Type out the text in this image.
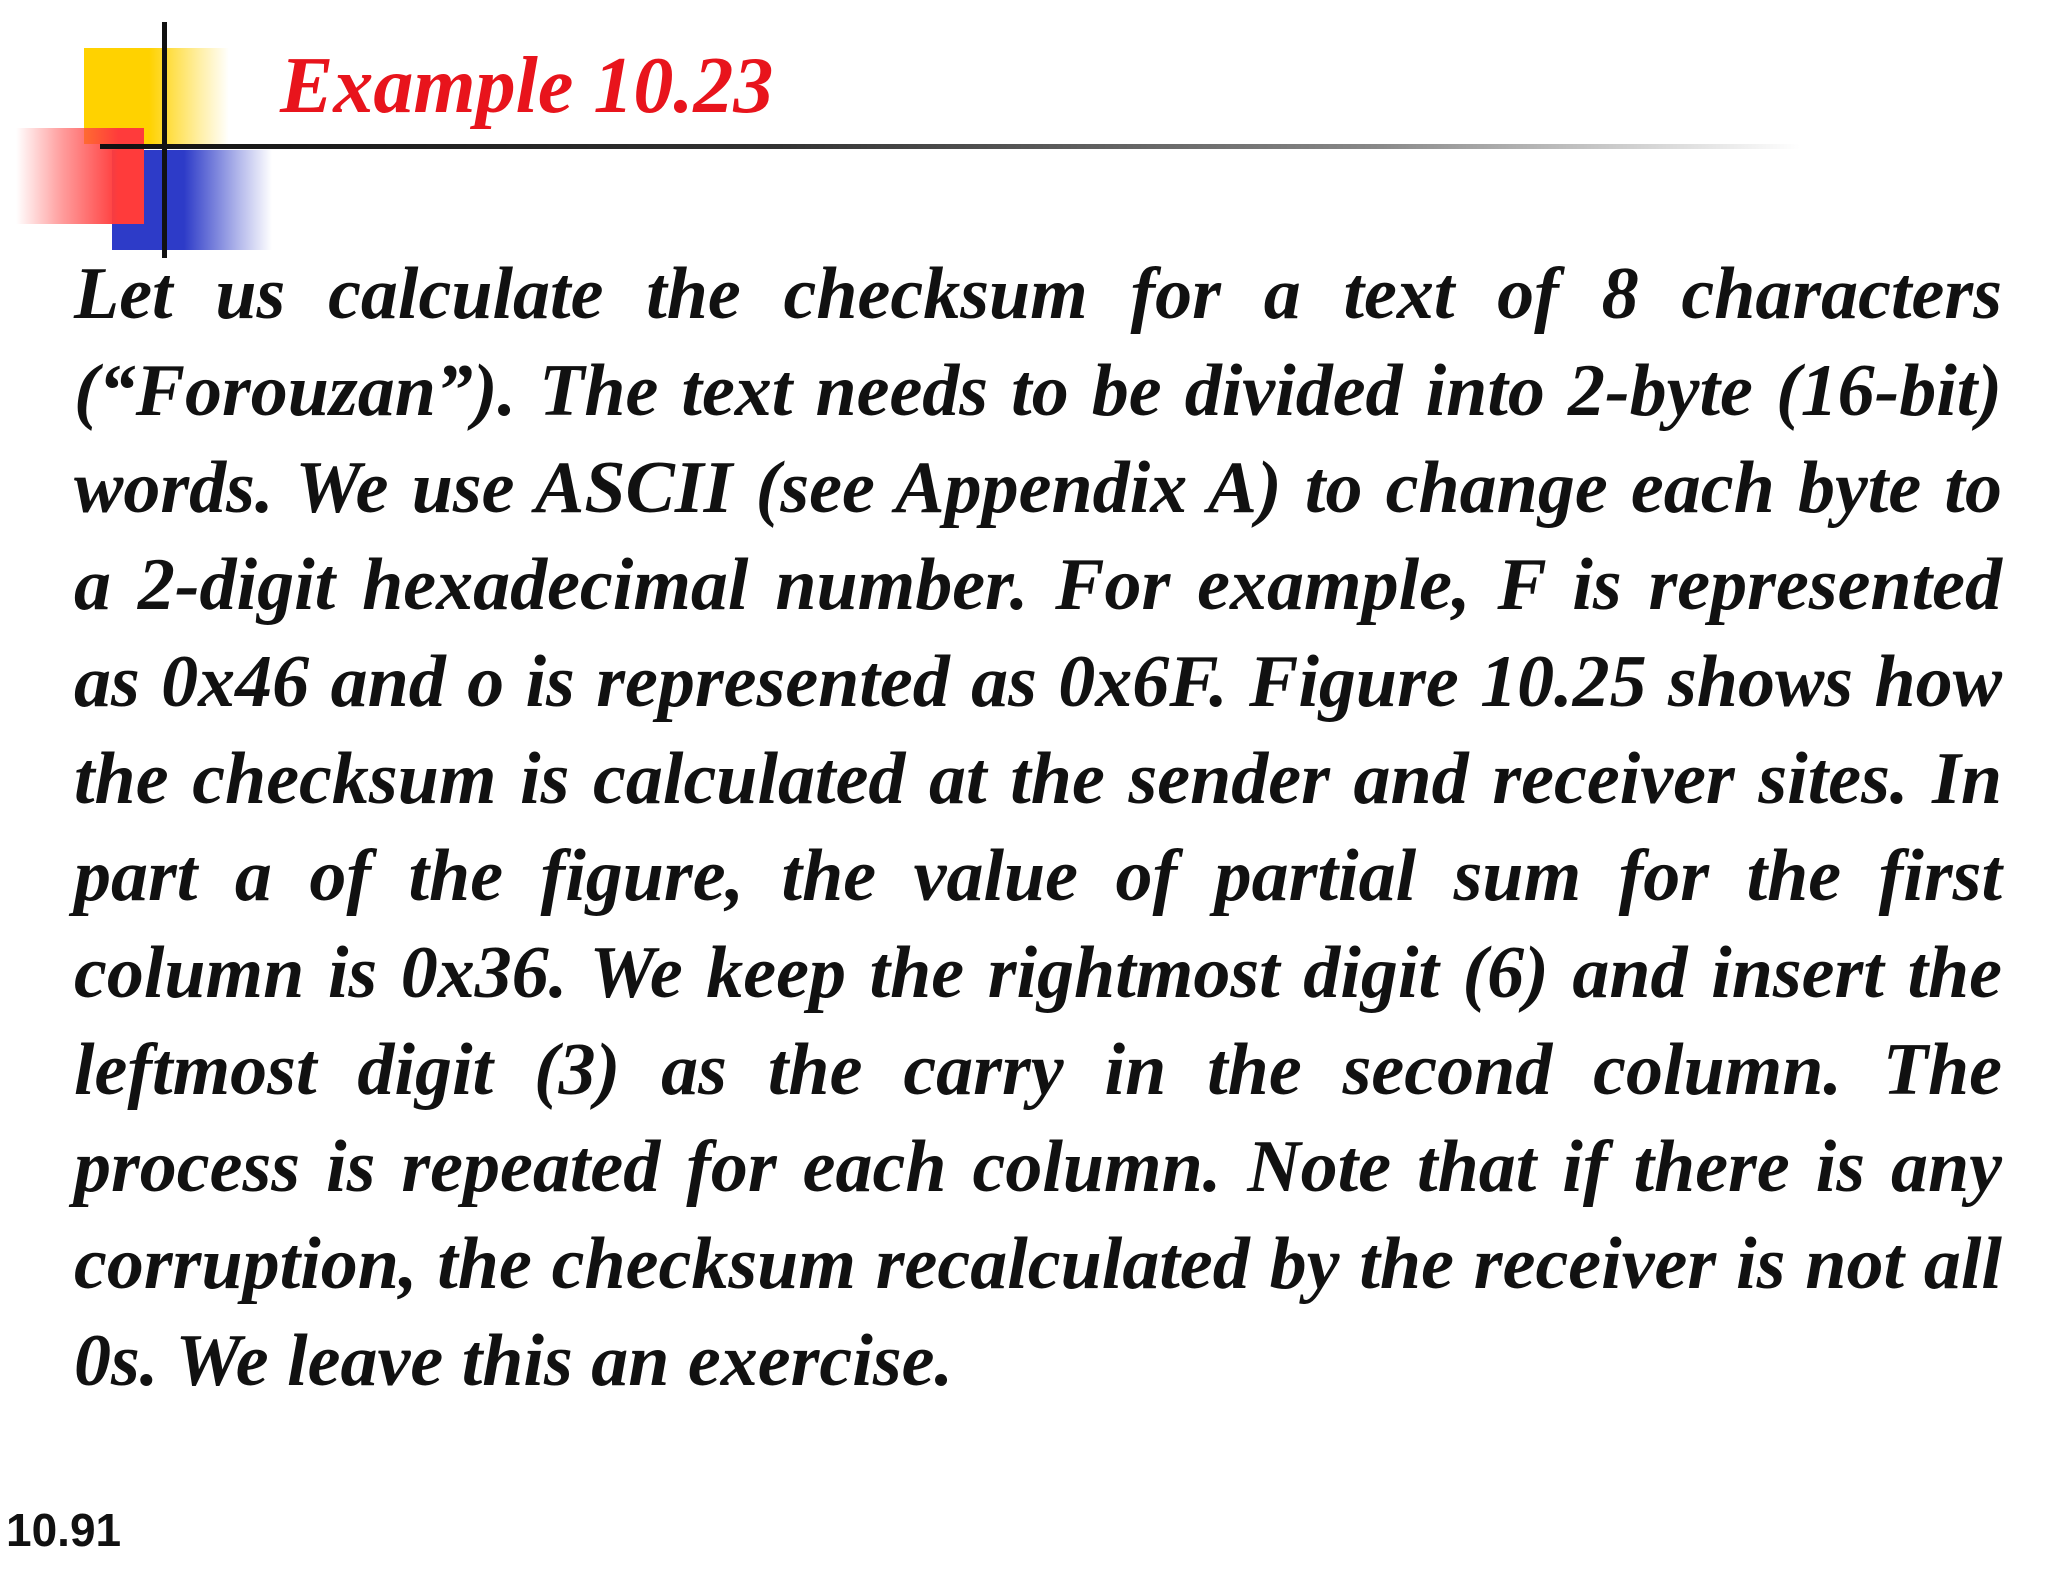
Example 10.23

Let us calculate the checksum for a text of 8 characters (“Forouzan”). The text needs to be divided into 2-byte (16-bit) words. We use ASCII (see Appendix A) to change each byte to a 2-digit hexadecimal number. For example, F is represented as 0x46 and o is represented as 0x6F. Figure 10.25 shows how the checksum is calculated at the sender and receiver sites. In part a of the figure, the value of partial sum for the first column is 0x36. We keep the rightmost digit (6) and insert the leftmost digit (3) as the carry in the second column. The process is repeated for each column. Note that if there is any corruption, the checksum recalculated by the receiver is not all 0s. We leave this an exercise.

10.91
